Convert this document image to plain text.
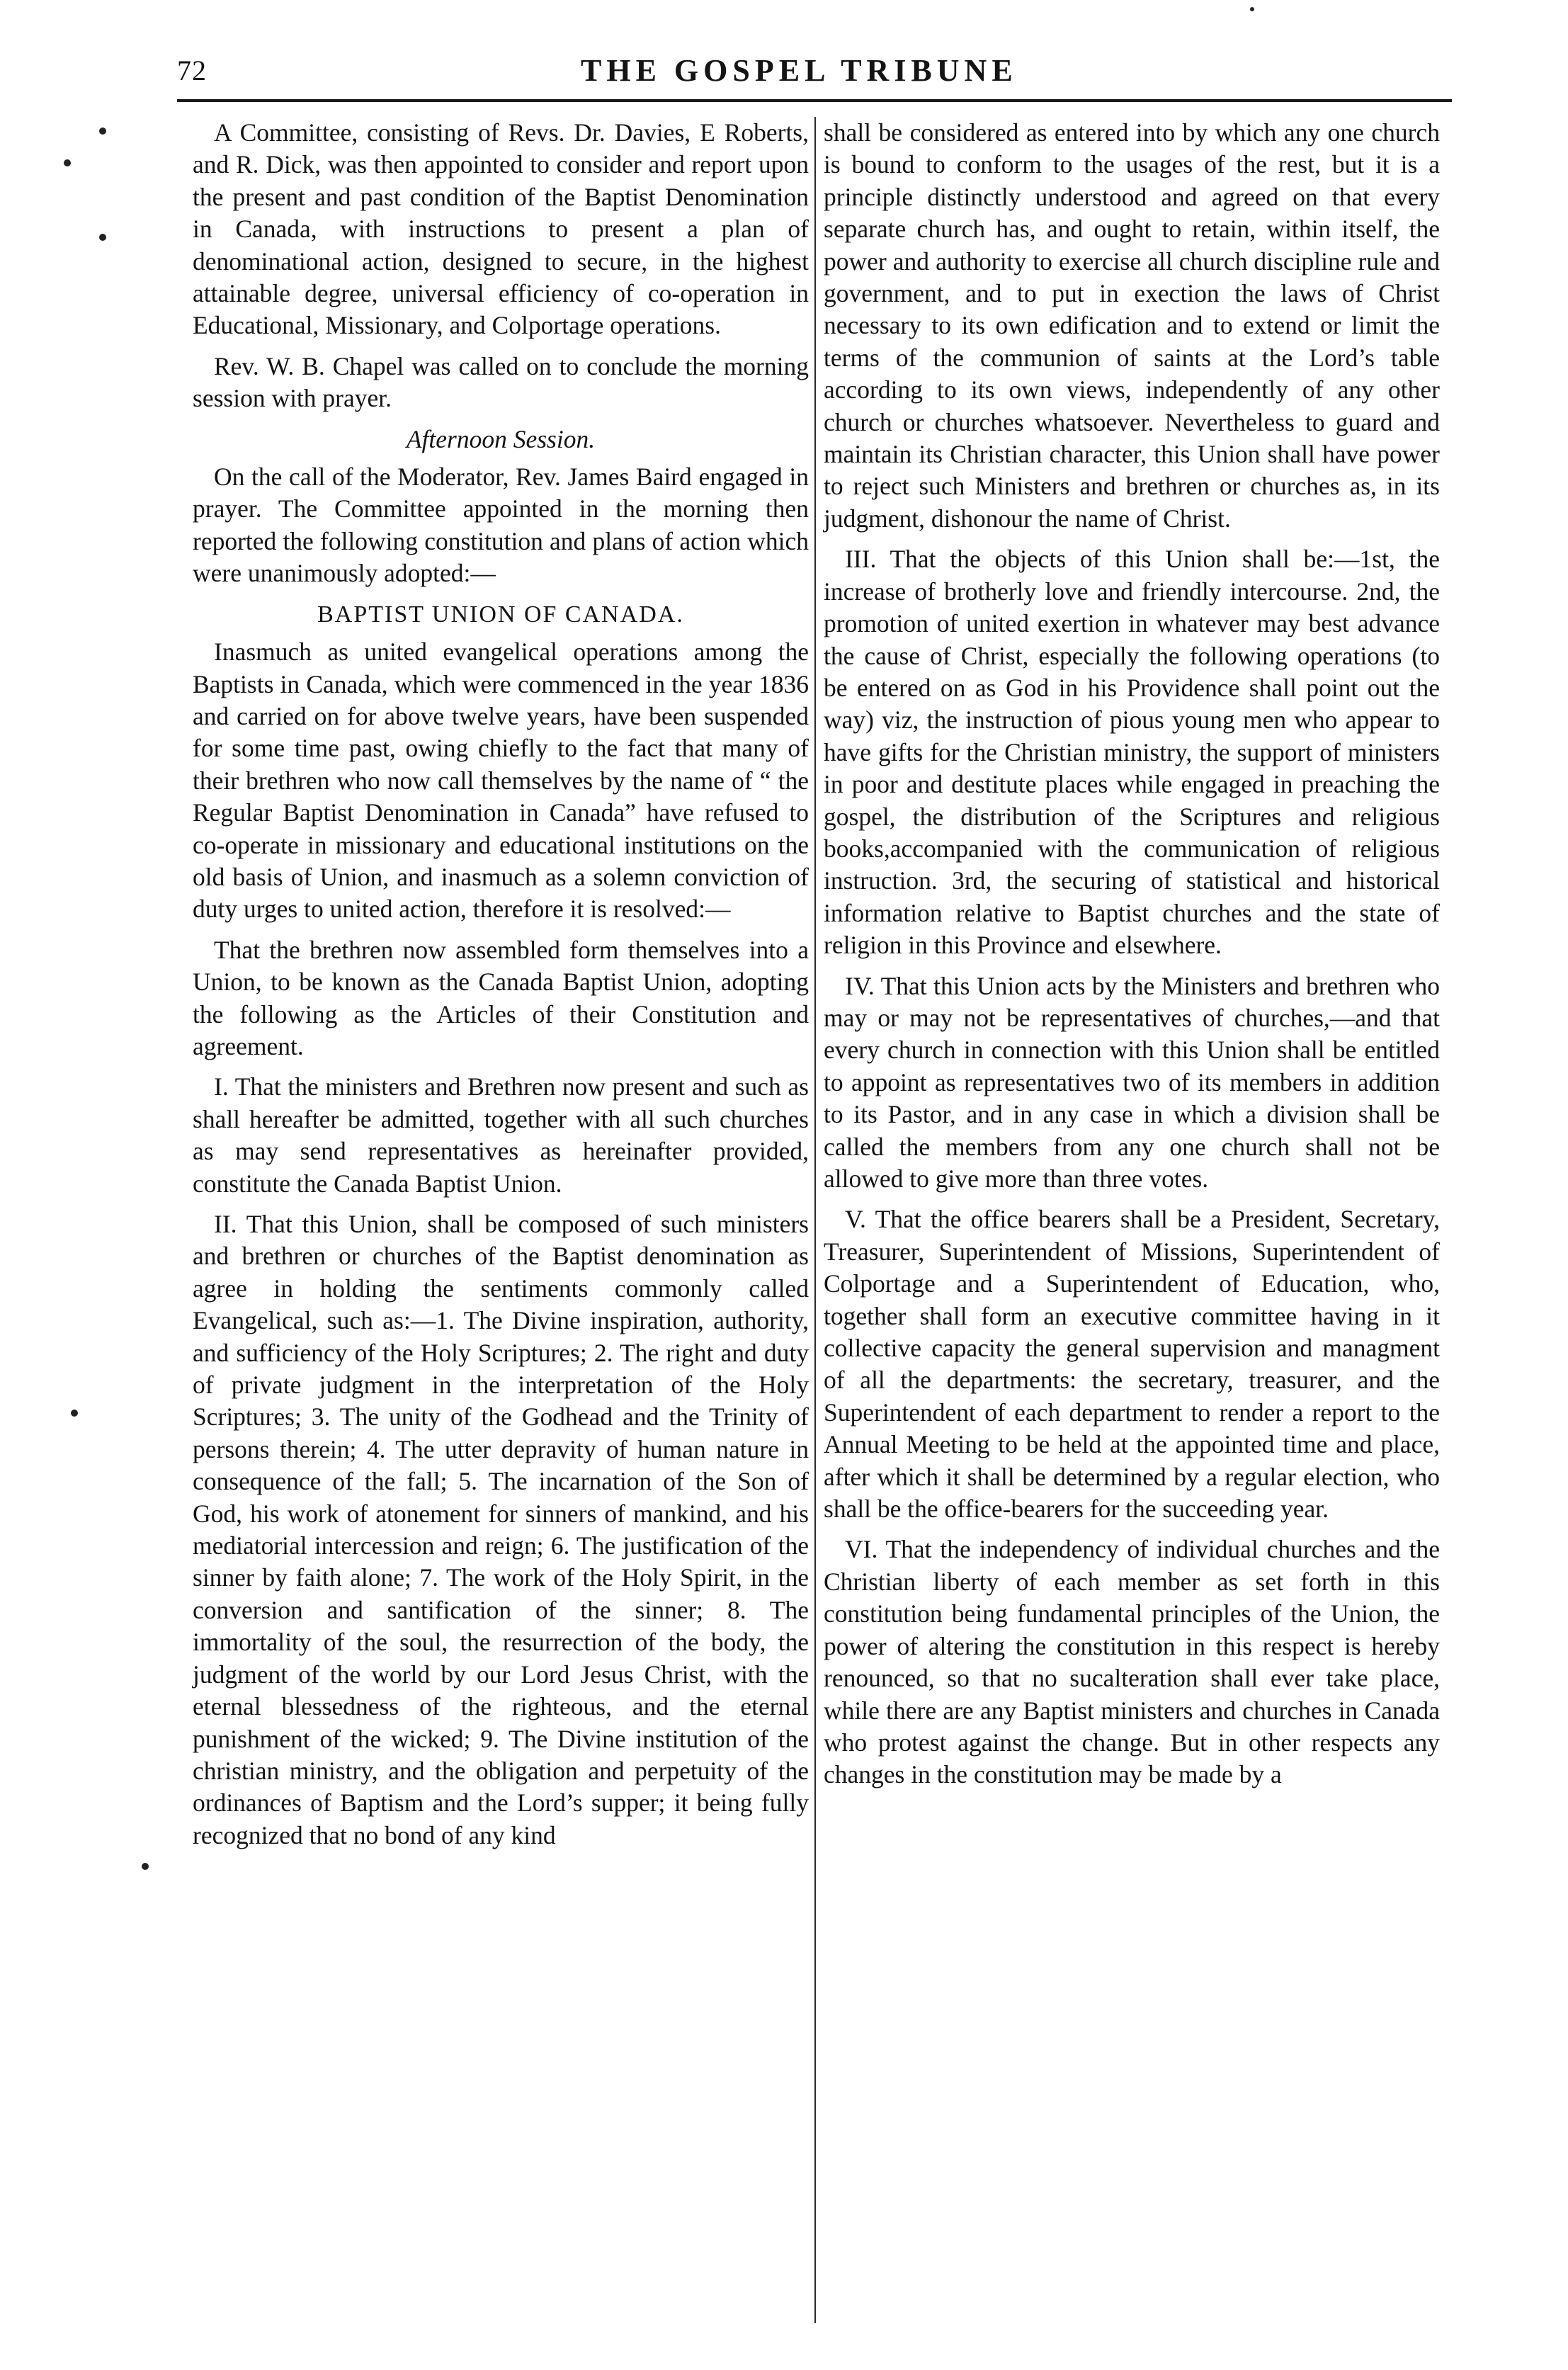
72	THE GOSPEL TRIBUNE

A Committee, consisting of Revs. Dr. Davies, E Roberts, and R. Dick, was then appointed to consider and report upon the present and past condition of the Baptist Denomination in Canada, with instructions to present a plan of denominational action, designed to secure, in the highest attainable degree, universal efficiency of co-operation in Educational, Missionary, and Colportage operations.

Rev. W. B. Chapel was called on to conclude the morning session with prayer.

Afternoon Session.

On the call of the Moderator, Rev. James Baird engaged in prayer. The Committee appointed in the morning then reported the following constitution and plans of action which were unanimously adopted:—

BAPTIST UNION OF CANADA.

Inasmuch as united evangelical operations among the Baptists in Canada, which were commenced in the year 1836 and carried on for above twelve years, have been suspended for some time past, owing chiefly to the fact that many of their brethren who now call themselves by the name of “ the Regular Baptist Denomination in Canada” have refused to co-operate in missionary and educational institutions on the old basis of Union, and inasmuch as a solemn conviction of duty urges to united action, therefore it is resolved:—

That the brethren now assembled form themselves into a Union, to be known as the Canada Baptist Union, adopting the following as the Articles of their Constitution and agreement.

I. That the ministers and Brethren now present and such as shall hereafter be admitted, together with all such churches as may send representatives as hereinafter provided, constitute the Canada Baptist Union.

II. That this Union, shall be composed of such ministers and brethren or churches of the Baptist denomination as agree in holding the sentiments commonly called Evangelical, such as:—1. The Divine inspiration, authority, and sufficiency of the Holy Scriptures; 2. The right and duty of private judgment in the interpretation of the Holy Scriptures; 3. The unity of the Godhead and the Trinity of persons therein; 4. The utter depravity of human nature in consequence of the fall; 5. The incarnation of the Son of God, his work of atonement for sinners of mankind, and his mediatorial intercession and reign; 6. The justification of the sinner by faith alone; 7. The work of the Holy Spirit, in the conversion and santification of the sinner; 8. The immortality of the soul, the resurrection of the body, the judgment of the world by our Lord Jesus Christ, with the eternal blessedness of the righteous, and the eternal punishment of the wicked; 9. The Divine institution of the christian ministry, and the obligation and perpetuity of the ordinances of Baptism and the Lord’s supper; it being fully recognized that no bond of any kind

shall be considered as entered into by which any one church is bound to conform to the usages of the rest, but it is a principle distinctly understood and agreed on that every separate church has, and ought to retain, within itself, the power and authority to exercise all church discipline rule and government, and to put in exection the laws of Christ necessary to its own edification and to extend or limit the terms of the communion of saints at the Lord’s table according to its own views, independently of any other church or churches whatsoever. Nevertheless to guard and maintain its Christian character, this Union shall have power to reject such Ministers and brethren or churches as, in its judgment, dishonour the name of Christ.

III. That the objects of this Union shall be:—1st, the increase of brotherly love and friendly intercourse. 2nd, the promotion of united exertion in whatever may best advance the cause of Christ, especially the following operations (to be entered on as God in his Providence shall point out the way) viz, the instruction of pious young men who appear to have gifts for the Christian ministry, the support of ministers in poor and destitute places while engaged in preaching the gospel, the distribution of the Scriptures and religious books,accompanied with the communication of religious instruction. 3rd, the securing of statistical and historical information relative to Baptist churches and the state of religion in this Province and elsewhere.

IV. That this Union acts by the Ministers and brethren who may or may not be representatives of churches,—and that every church in connection with this Union shall be entitled to appoint as representatives two of its members in addition to its Pastor, and in any case in which a division shall be called the members from any one church shall not be allowed to give more than three votes.

V. That the office bearers shall be a President, Secretary, Treasurer, Superintendent of Missions, Superintendent of Colportage and a Superintendent of Education, who, together shall form an executive committee having in it collective capacity the general supervision and managment of all the departments: the secretary, treasurer, and the Superintendent of each department to render a report to the Annual Meeting to be held at the appointed time and place, after which it shall be determined by a regular election, who shall be the office-bearers for the succeeding year.

VI. That the independency of individual churches and the Christian liberty of each member as set forth in this constitution being fundamental principles of the Union, the power of altering the constitution in this respect is hereby renounced, so that no sucalteration shall ever take place, while there are any Baptist ministers and churches in Canada who protest against the change. But in other respects any changes in the constitution may be made by a
